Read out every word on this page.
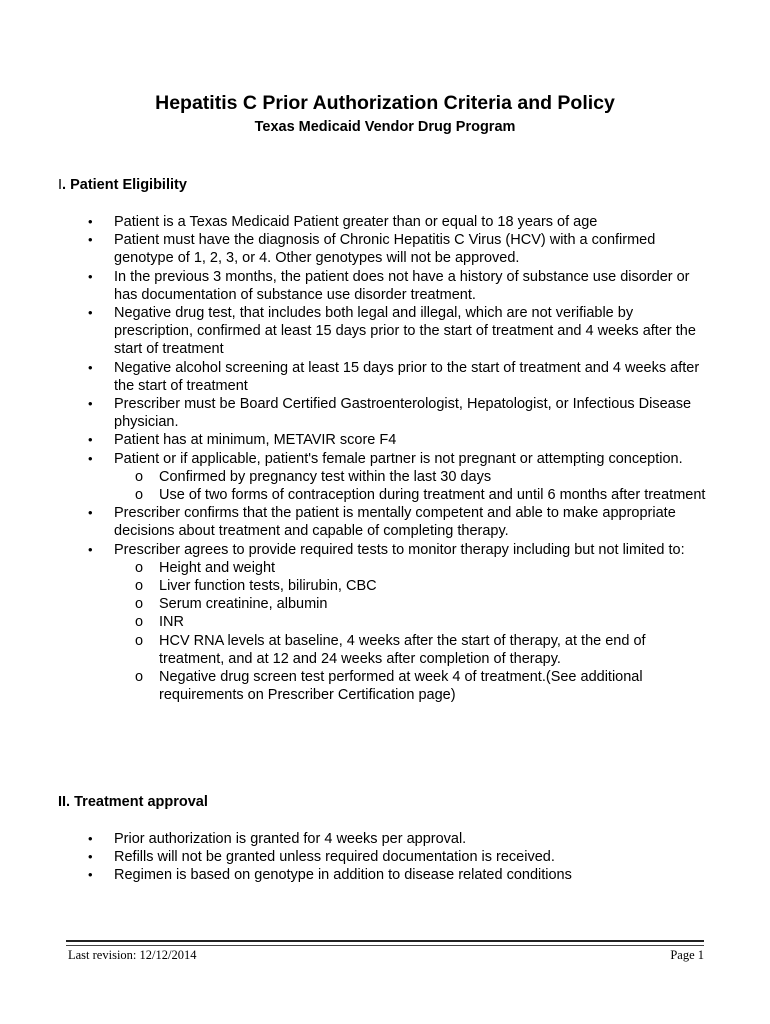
Hepatitis C Prior Authorization Criteria and Policy
Texas Medicaid Vendor Drug Program
I. Patient Eligibility
• Patient is a Texas Medicaid Patient greater than or equal to 18 years of age
• Patient must have the diagnosis of Chronic Hepatitis C Virus (HCV) with a confirmed genotype of 1, 2, 3, or 4. Other genotypes will not be approved.
• In the previous 3 months, the patient does not have a history of substance use disorder or has documentation of substance use disorder treatment.
• Negative drug test, that includes both legal and illegal, which are not verifiable by prescription, confirmed at least 15 days prior to the start of treatment and 4 weeks after the start of treatment
• Negative alcohol screening at least 15 days prior to the start of treatment and 4 weeks after the start of treatment
• Prescriber must be Board Certified Gastroenterologist, Hepatologist, or Infectious Disease physician.
• Patient has at minimum, METAVIR score F4
• Patient or if applicable, patient's female partner is not pregnant or attempting conception.
o Confirmed by pregnancy test within the last 30 days
o Use of two forms of contraception during treatment and until 6 months after treatment
• Prescriber confirms that the patient is mentally competent and able to make appropriate decisions about treatment and capable of completing therapy.
• Prescriber agrees to provide required tests to monitor therapy including but not limited to:
o Height and weight
o Liver function tests, bilirubin, CBC
o Serum creatinine, albumin
o INR
o HCV RNA levels at baseline, 4 weeks after the start of therapy, at the end of treatment, and at 12 and 24 weeks after completion of therapy.
o Negative drug screen test performed at week 4 of treatment.(See additional requirements on Prescriber Certification page)
II. Treatment approval
• Prior authorization is granted for 4 weeks per approval.
• Refills will not be granted unless required documentation is received.
• Regimen is based on genotype in addition to disease related conditions
Last revision: 12/12/2014	Page 1
